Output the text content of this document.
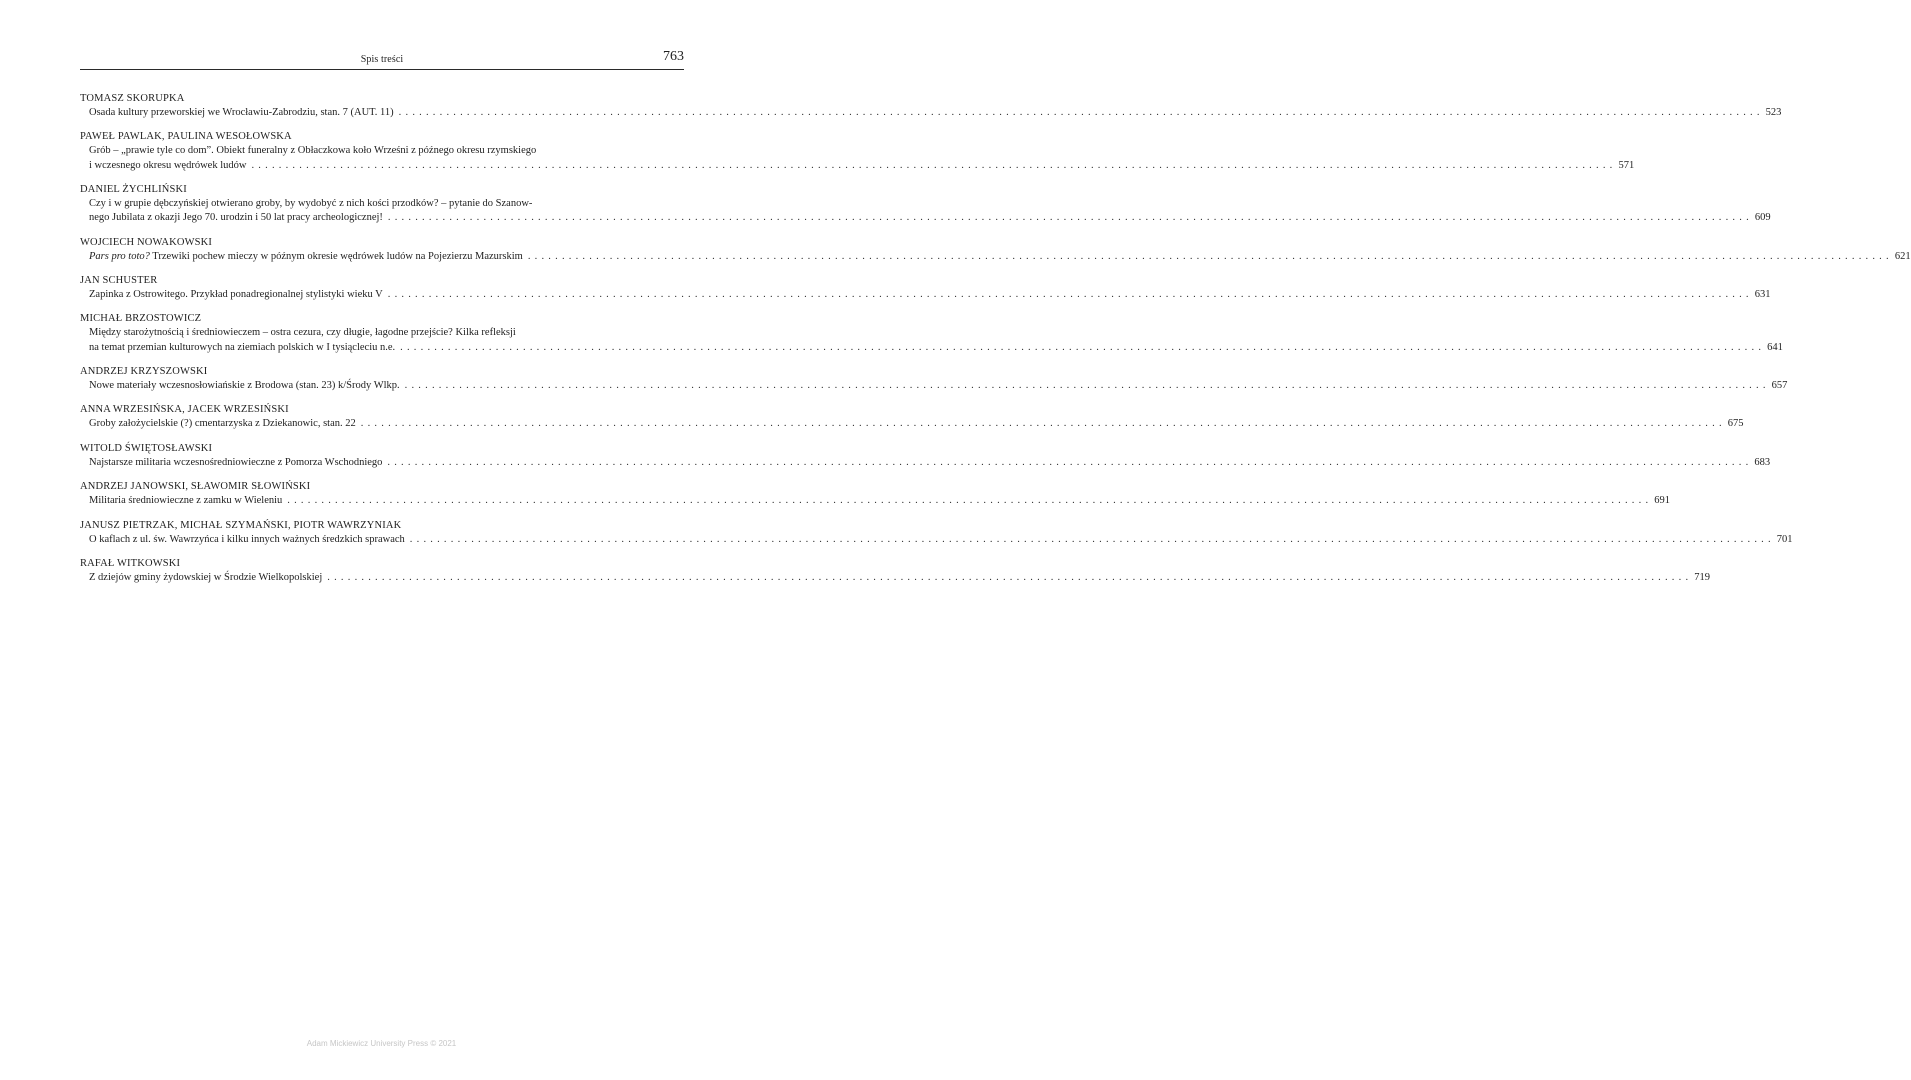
Spis treści	763
TOMASZ SKORUPKA
Osada kultury przeworskiej we Wrocławiu-Zabrodziu, stan. 7 (AUT. 11) ........................................................................................................................................................................................................ 523
PAWEŁ PAWLAK, PAULINA WESOŁOWSKA
Grób – „prawie tyle co dom”. Obiekt funeralny z Obłaczkowa koło Wrześni z późnego okresu rzymskiego
i wczesnego okresu wędrówek ludów ........................................................................................................................................................................................................ 571
DANIEL ŻYCHLIŃSKI
Czy i w grupie dębczyńskiej otwierano groby, by wydobyć z nich kości przodków? – pytanie do Szanow-
nego Jubilata z okazji Jego 70. urodzin i 50 lat pracy archeologicznej! ........................................................................................................................................................................................................ 609
WOJCIECH NOWAKOWSKI
Pars pro toto? Trzewiki pochew mieczy w późnym okresie wędrówek ludów na Pojezierzu Mazurskim ........................................................................................................................................................................................................ 621
JAN SCHUSTER
Zapinka z Ostrowitego. Przykład ponadregionalnej stylistyki wieku V ........................................................................................................................................................................................................ 631
MICHAŁ BRZOSTOWICZ
Między starożytnością i średniowieczem – ostra cezura, czy długie, łagodne przejście? Kilka refleksji
na temat przemian kulturowych na ziemiach polskich w I tysiącleciu n.e. ........................................................................................................................................................................................................ 641
ANDRZEJ KRZYSZOWSKI
Nowe materiały wczesnosłowiańskie z Brodowa (stan. 23) k/Środy Wlkp. ........................................................................................................................................................................................................ 657
ANNA WRZESIŃSKA, JACEK WRZESIŃSKI
Groby założycielskie (?) cmentarzyska z Dziekanowic, stan. 22 ........................................................................................................................................................................................................ 675
WITOLD ŚWIĘTOSŁAWSKI
Najstarsze militaria wczesnośredniowieczne z Pomorza Wschodniego ........................................................................................................................................................................................................ 683
ANDRZEJ JANOWSKI, SŁAWOMIR SŁOWIŃSKI
Militaria średniowieczne z zamku w Wieleniu ........................................................................................................................................................................................................ 691
JANUSZ PIETRZAK, MICHAŁ SZYMAŃSKI, PIOTR WAWRZYNIAK
O kaflach z ul. św. Wawrzyńca i kilku innych ważnych średzkich sprawach ........................................................................................................................................................................................................ 701
RAFAŁ WITKOWSKI
Z dziejów gminy żydowskiej w Środzie Wielkopolskiej ........................................................................................................................................................................................................ 719
Adam Mickiewicz University Press © 2021
